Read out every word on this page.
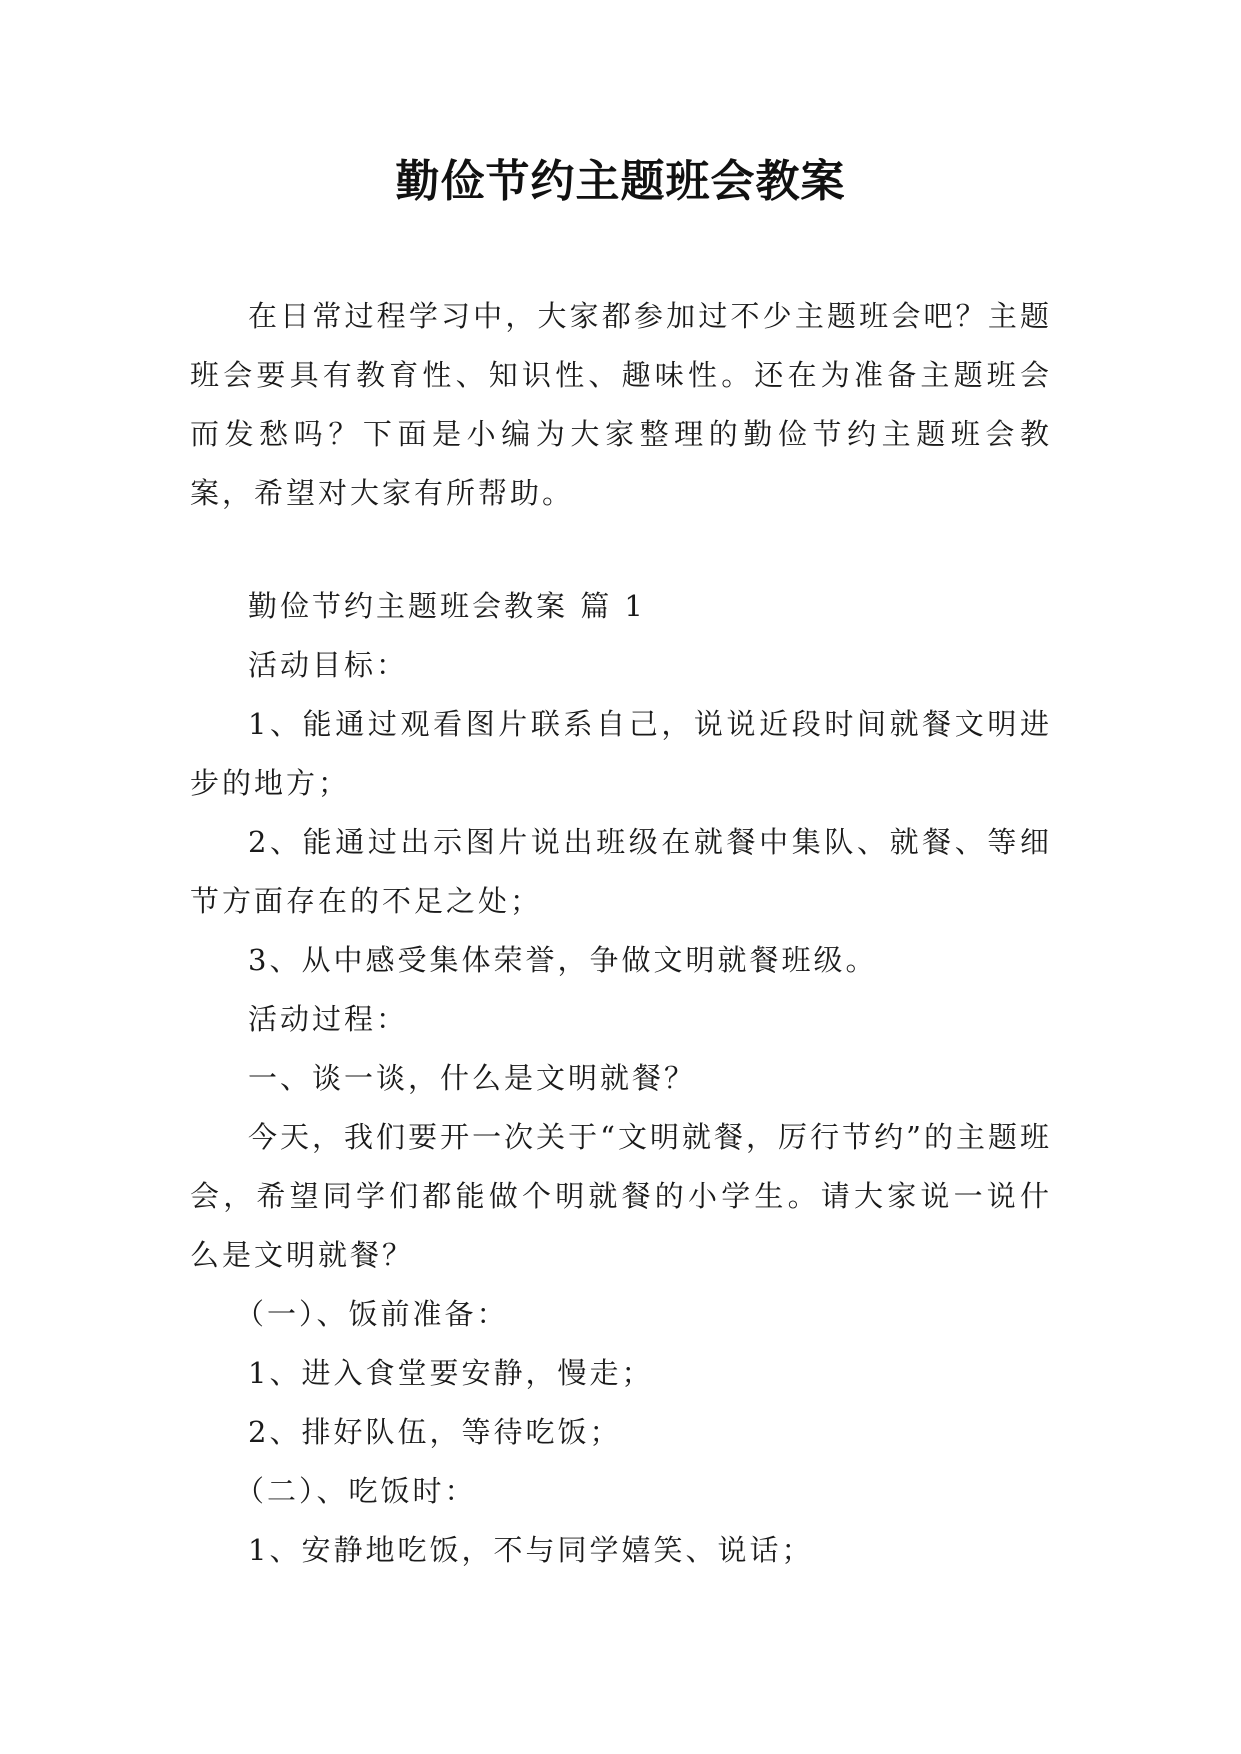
勤俭节约主题班会教案

在日常过程学习中，大家都参加过不少主题班会吧？主题班会要具有教育性、知识性、趣味性。还在为准备主题班会而发愁吗？下面是小编为大家整理的勤俭节约主题班会教案，希望对大家有所帮助。

勤俭节约主题班会教案 篇 1

活动目标：

1、能通过观看图片联系自己，说说近段时间就餐文明进步的地方；

2、能通过出示图片说出班级在就餐中集队、就餐、等细节方面存在的不足之处；

3、从中感受集体荣誉，争做文明就餐班级。

活动过程：

一、谈一谈，什么是文明就餐？

今天，我们要开一次关于“文明就餐，厉行节约”的主题班会，希望同学们都能做个明就餐的小学生。请大家说一说什么是文明就餐？

（一）、饭前准备：

1、进入食堂要安静，慢走；

2、排好队伍，等待吃饭；

（二）、吃饭时：

1、安静地吃饭，不与同学嬉笑、说话；
